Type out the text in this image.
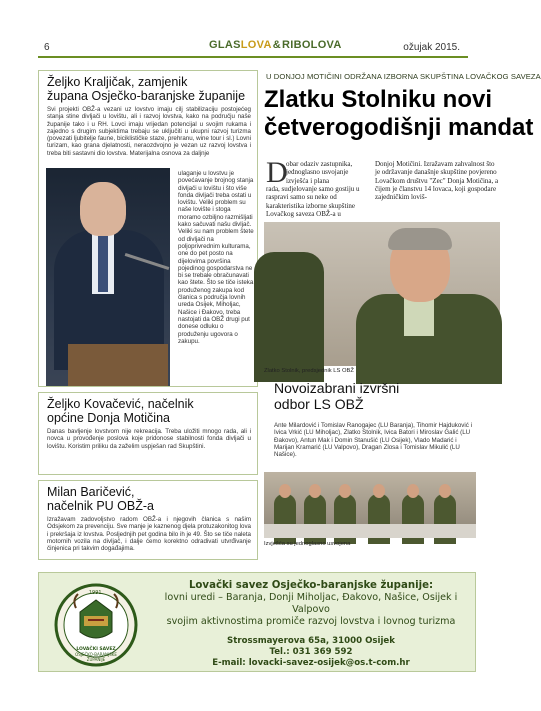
6	GLAS LOVA & RIBOLOVA	ožujak 2015.
Željko Kraljičak, zamjenik
župana Osječko-baranjske županije
Svi projekti OBŽ-a vezani uz lovstvo imaju cilj stabilizaciju postojećeg stanja stine divljači u lovištu, ali i razvoj lovstva, kako na području naše županije tako i u RH. Lovci imaju vrijedan potencijal u svojim rukama i zajedno s drugim subjektima trebaju se uključiti u ukupni razvoj turizma (povezati ljubitelje faune, biciklističke staze, prehranu, wine tour i sl.) Lovni turizam, kao grana djelatnosti, neraozdvojno je vezan uz razvoj lovstva i treba biti sastavni dio lovstva. Materijalna osnova za daljnje
ulaganje u lovstvu je povećavanje brojnog stanja divljači u lovištu i što više fonda divljači treba ostati u lovištu. Veliki problem su naše lovište i stoga moramo ozbiljno razmišljati kako sačuvati našu divljač. Veliki su nam problem štete od divljači na poljoprivrednim kulturama, one do pet posto na dijelovima površina pojedinog gospodarstva ne bi se trebale obračunavati kao štete. Što se tiče isteka produženog zakupa kod članica s područja lovnih ureda Osijek, Miholjac, Našice i Đakovo, treba nastojati da OBŽ drugi put donese odluku o produženju ugovora o zakupu.
Željko Kovačević, načelnik
općine Donja Motičina
Danas bavljenje lovstvom nije rekreacija. Treba uložiti mnogo rada, ali i novca u provođenje poslova koje pridonose stabilnosti fonda divljači u lovištu. Koristim priliku da zaželim uspješan rad Skupštini.
Milan Baričević,
načelnik PU OBŽ-a
Izražavam zadovoljstvo radom OBŽ-a i njegovih članica s našim Odsjekom za prevenciju. Sve manje je kaznenog djela protuzakonitog lova i prekršaja iz lovstva. Posljednjih pet godina bilo ih je 49. Što se tiče naleta motornih vozila na divljač, i dalje ćemo korektno odradivati utvrđivanje činjenica pri takvim događajima.
U DONJOJ MOTIČINI ODRŽANA IZBORNA SKUPŠTINA LOVAČKOG SAVEZA
Zlatku Stolniku novi
četverogodišnji mandat
D
obar odaziv zastupnika, jednoglasno usvojanje izvješća i plana
rada, sudjelovanje samo gostiju u raspravi samo su neke od karakteristika izborne skupštine Lovačkog saveza OBŽ-a u
Donjoj Motičini. Izražavam zahvalnost što je održavanje današnje skupštine povjereno Lovačkom društvu "Zec" Donja Motičina, a čijem je članstvu 14 lovaca, koji gospodare zajedničkim loviš-
Zlatko Stolnik, predsjednik LS OBŽ
Novoizabrani izvršni
odbor LS OBŽ
Ante Milardović i Tomislav Ranogajec (LU Baranja), Tihomir Hajduković i Ivica Vrkić (LU Miholjac), Zlatko Stolnik, Ivica Batori i Miroslav Galić (LU Đakovo), Antun Mak i Domin Stanušić (LU Osijek), Vlado Madarić i Marijan Kramarić (LU Valpovo), Dragan Zlosa i Tomislav Mikulić (LU Našice).
Izvješća su jednoglasno usvojena
1991.
LOVAČKI SAVEZ
OSJEČKO-BARANJSKE
ŽUPANIJE
Lovački savez Osječko-baranjske županije:
lovni uredi – Baranja, Donji Miholjac, Đakovo, Našice, Osijek i Valpovo
svojim aktivnostima promiče razvoj lovstva i lovnog turizma
Strossmayerova 65a, 31000 Osijek
Tel.: 031 369 592
E-mail: lovacki-savez-osijek@os.t-com.hr
